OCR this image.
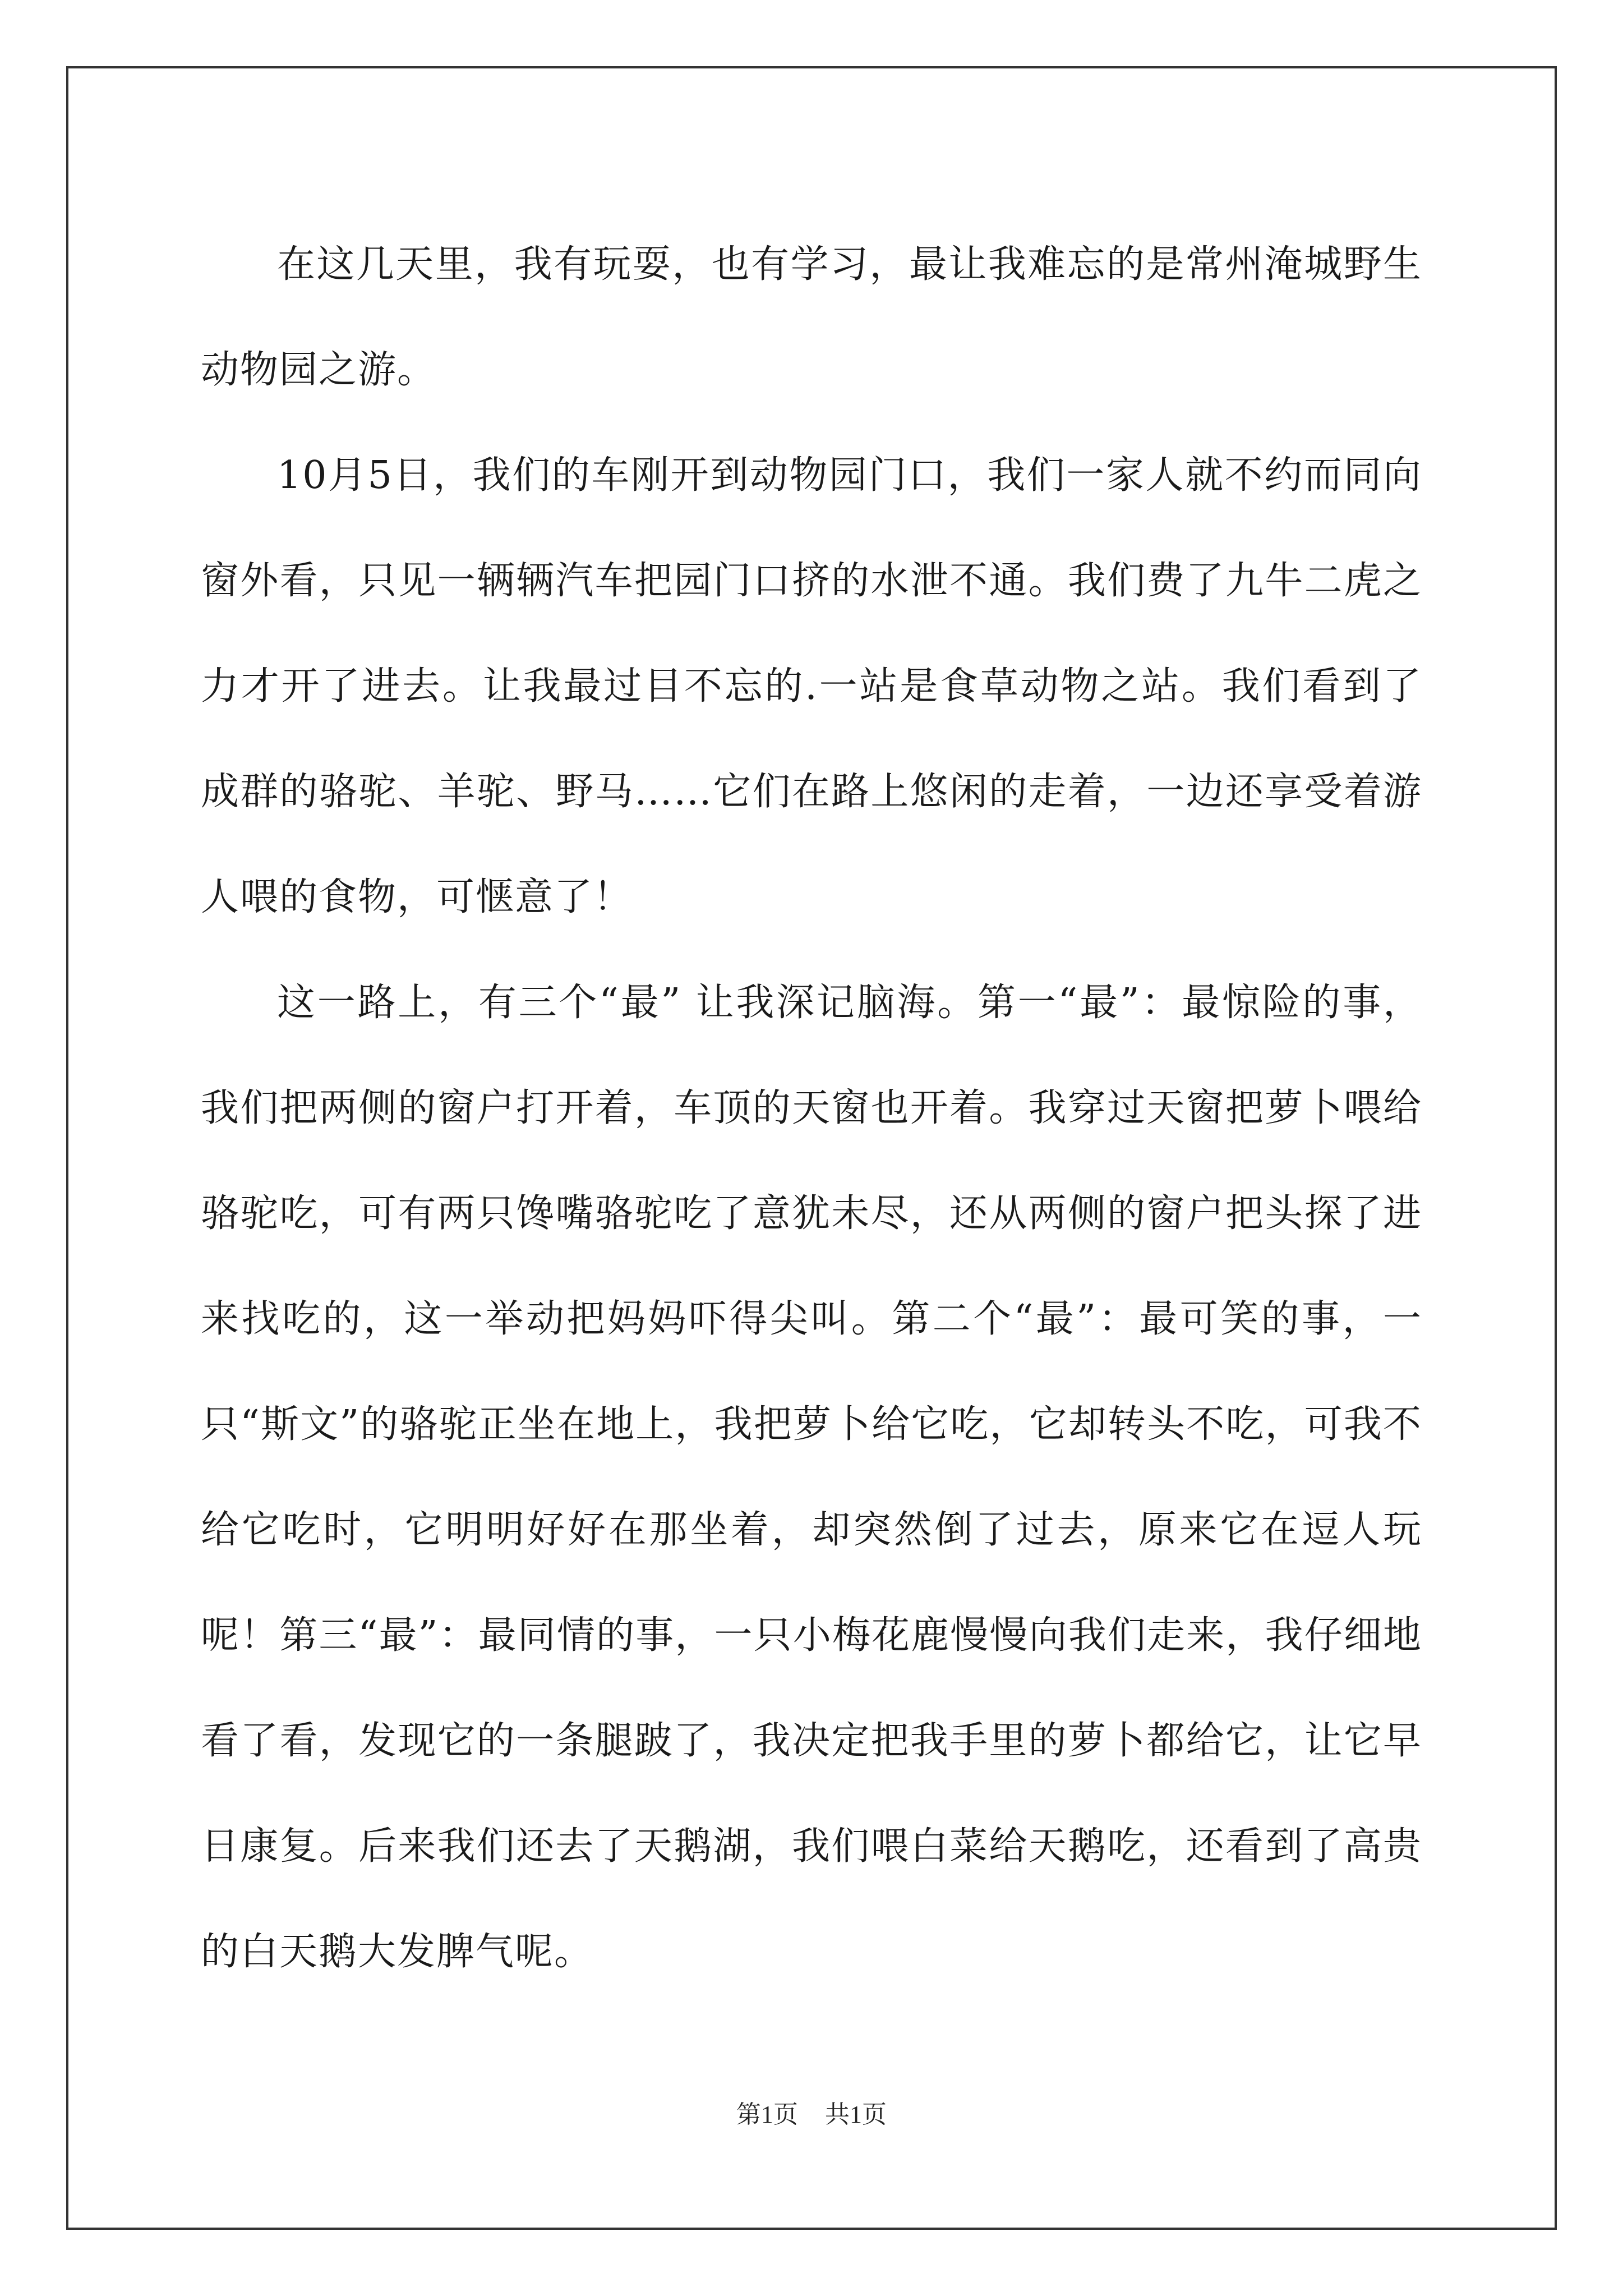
在这几天里，我有玩耍，也有学习，最让我难忘的是常州淹城野生动物园之游。

10月5日，我们的车刚开到动物园门口，我们一家人就不约而同向窗外看，只见一辆辆汽车把园门口挤的水泄不通。我们费了九牛二虎之力才开了进去。让我最过目不忘的.一站是食草动物之站。我们看到了成群的骆驼、羊驼、野马……它们在路上悠闲的走着，一边还享受着游人喂的食物，可惬意了！

这一路上，有三个“最” 让我深记脑海。第一“最”：最惊险的事，我们把两侧的窗户打开着，车顶的天窗也开着。我穿过天窗把萝卜喂给骆驼吃，可有两只馋嘴骆驼吃了意犹未尽，还从两侧的窗户把头探了进来找吃的，这一举动把妈妈吓得尖叫。第二个“最”：最可笑的事，一只“斯文”的骆驼正坐在地上，我把萝卜给它吃，它却转头不吃，可我不给它吃时，它明明好好在那坐着，却突然倒了过去，原来它在逗人玩呢！第三“最”：最同情的事，一只小梅花鹿慢慢向我们走来，我仔细地看了看，发现它的一条腿跛了，我决定把我手里的萝卜都给它，让它早日康复。后来我们还去了天鹅湖，我们喂白菜给天鹅吃，还看到了高贵的白天鹅大发脾气呢。

第1页 共1页
